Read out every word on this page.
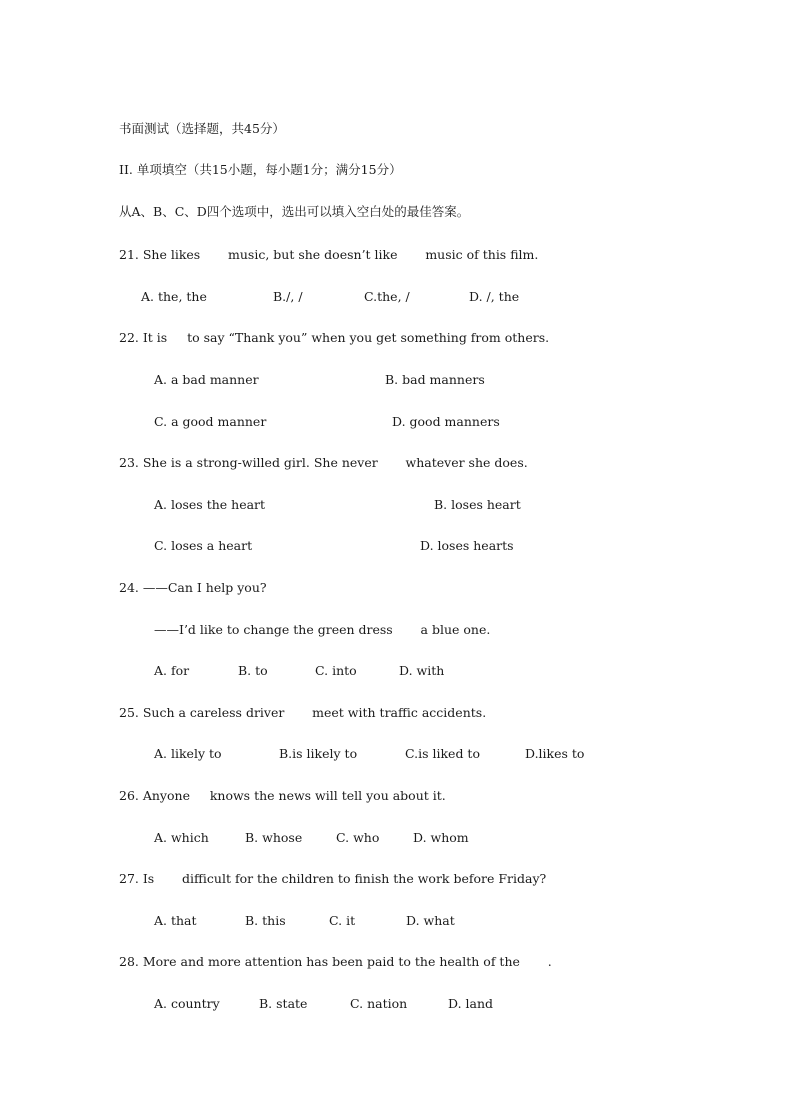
书面测试（选择题，共45分）
II. 单项填空（共15小题，每小题1分；满分15分）
从A、B、C、D四个选项中，选出可以填入空白处的最佳答案。
21. She likes       music, but she doesn’t like       music of this film.
A. the, the	B./, /	C.the, /	D. /, the
22. It is     to say “Thank you” when you get something from others.
A. a bad manner	B. bad manners
C. a good manner	D. good manners
23. She is a strong-willed girl. She never       whatever she does.
A. loses the heart	B. loses heart
C. loses a heart	D. loses hearts
24. ——Can I help you?
——I’d like to change the green dress       a blue one.
A. for	B. to	C. into	D. with
25. Such a careless driver       meet with traffic accidents.
A. likely to	B.is likely to	C.is liked to	D.likes to
26. Anyone     knows the news will tell you about it.
A. which	B. whose	C. who	D. whom
27. Is       difficult for the children to finish the work before Friday?
A. that	B. this	C. it	D. what
28. More and more attention has been paid to the health of the       .
A. country	B. state	C. nation	D. land
